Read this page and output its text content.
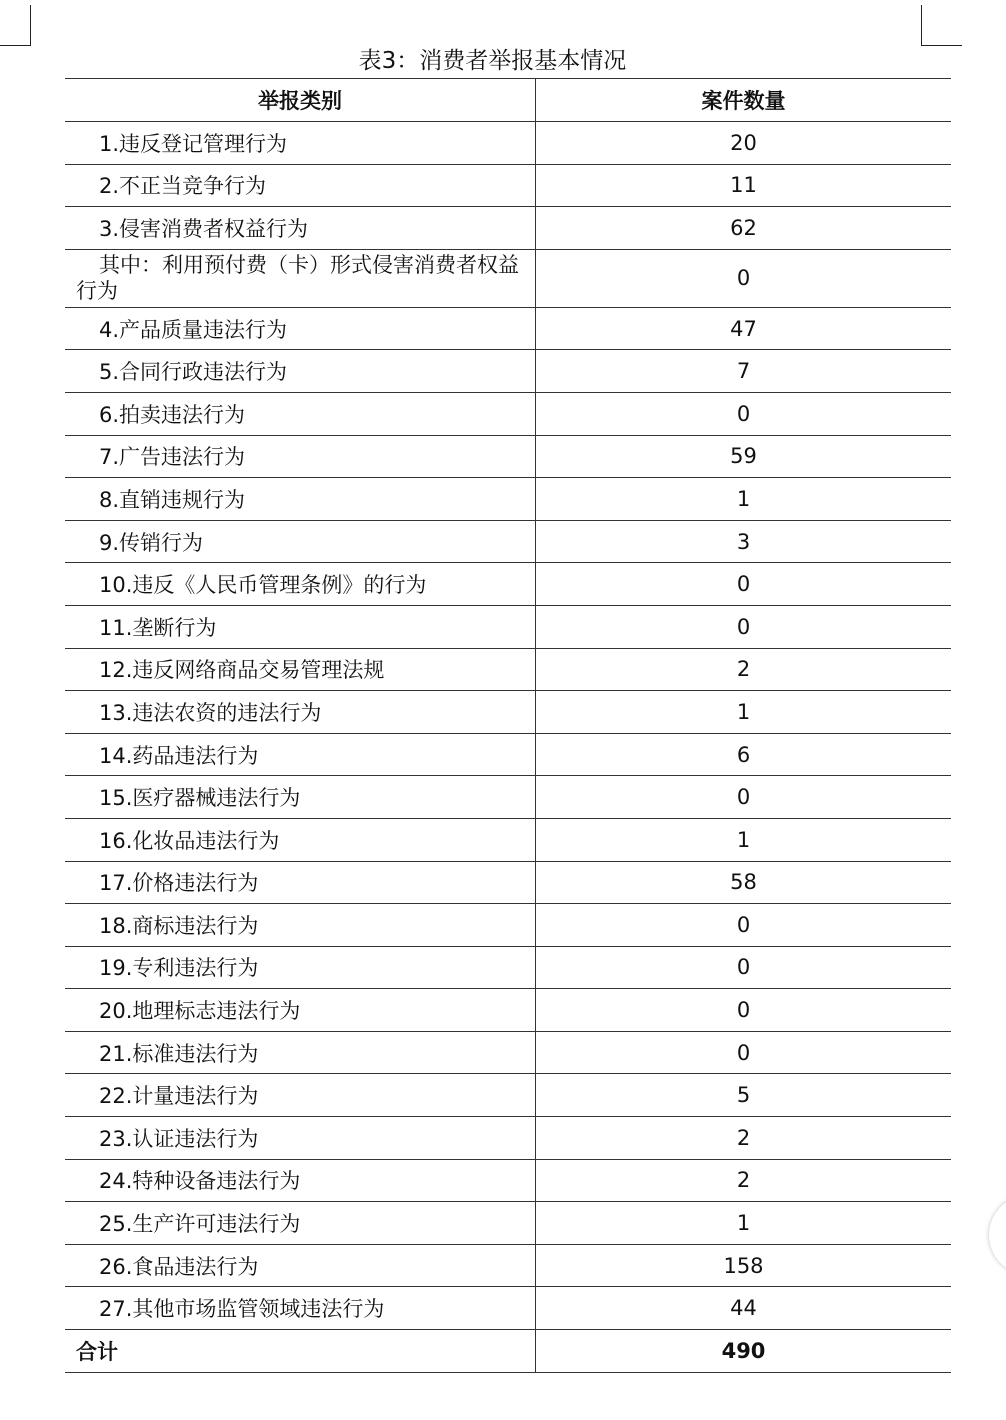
表3：消费者举报基本情况
举报类别	案件数量
1.违反登记管理行为	20
2.不正当竞争行为	11
3.侵害消费者权益行为	62
其中：利用预付费（卡）形式侵害消费者权益行为	0
4.产品质量违法行为	47
5.合同行政违法行为	7
6.拍卖违法行为	0
7.广告违法行为	59
8.直销违规行为	1
9.传销行为	3
10.违反《人民币管理条例》的行为	0
11.垄断行为	0
12.违反网络商品交易管理法规	2
13.违法农资的违法行为	1
14.药品违法行为	6
15.医疗器械违法行为	0
16.化妆品违法行为	1
17.价格违法行为	58
18.商标违法行为	0
19.专利违法行为	0
20.地理标志违法行为	0
21.标准违法行为	0
22.计量违法行为	5
23.认证违法行为	2
24.特种设备违法行为	2
25.生产许可违法行为	1
26.食品违法行为	158
27.其他市场监管领域违法行为	44
合计	490
